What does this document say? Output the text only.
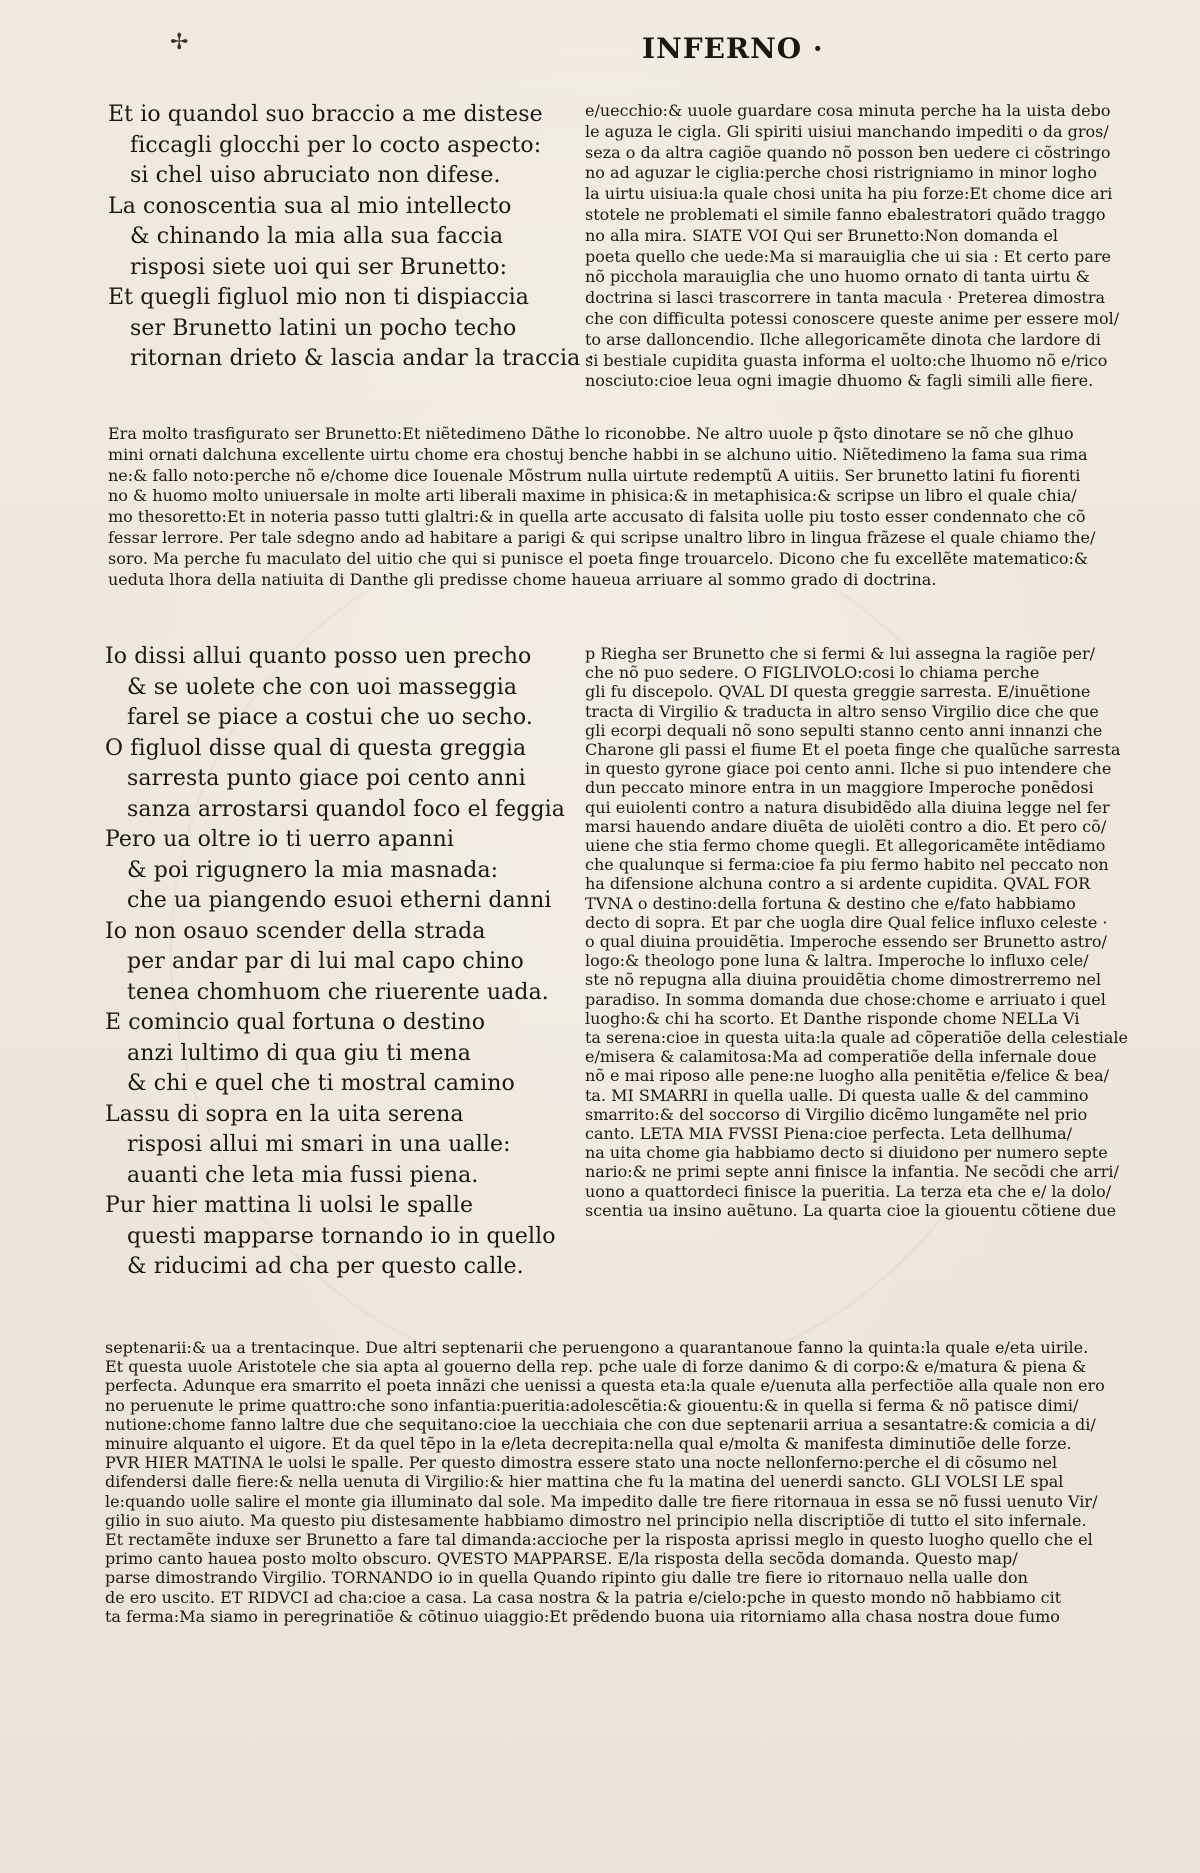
✢	INFERNO ·
Et io quandol suo braccio a me distese
ficcagli glocchi per lo cocto aspecto:
si chel uiso abruciato non difese.
La conoscentia sua al mio intellecto
& chinando la mia alla sua faccia
risposi siete uoi qui ser Brunetto:
Et quegli figluol mio non ti dispiaccia
ser Brunetto latini un pocho techo
ritornan drieto & lascia andar la traccia ·
e/uecchio:& uuole guardare cosa minuta perche ha la uista debo
le aguza le cigla. Gli spiriti uisiui manchando impediti o da gros/
seza o da altra cagiõe quando nõ posson ben uedere ci cõstringo
no ad aguzar le ciglia:perche chosi ristrigniamo in minor logho
la uirtu uisiua:la quale chosi unita ha piu forze:Et chome dice ari
stotele ne problemati el simile fanno ebalestratori quãdo traggo
no alla mira. SIATE VOI Qui ser Brunetto:Non domanda el
poeta quello che uede:Ma si marauiglia che ui sia : Et certo pare
nõ picchola marauiglia che uno huomo ornato di tanta uirtu &
doctrina si lasci trascorrere in tanta macula · Preterea dimostra
che con difficulta potessi conoscere queste anime per essere mol/
to arse dalloncendio. Ilche allegoricamẽte dinota che lardore di
si bestiale cupidita guasta informa el uolto:che lhuomo nõ e/rico
nosciuto:cioe leua ogni imagie dhuomo & fagli simili alle fiere.
Era molto trasfigurato ser Brunetto:Et niẽtedimeno Dãthe lo riconobbe. Ne altro uuole p q̃sto dinotare se nõ che glhuo
mini ornati dalchuna excellente uirtu chome era chostuj benche habbi in se alchuno uitio. Niẽtedimeno la fama sua rima
ne:& fallo noto:perche nõ e/chome dice Iouenale Mõstrum nulla uirtute redemptũ A uitiis. Ser brunetto latini fu fiorenti
no & huomo molto uniuersale in molte arti liberali maxime in phisica:& in metaphisica:& scripse un libro el quale chia/
mo thesoretto:Et in noteria passo tutti glaltri:& in quella arte accusato di falsita uolle piu tosto esser condennato che cõ
fessar lerrore. Per tale sdegno ando ad habitare a parigi & qui scripse unaltro libro in lingua frãzese el quale chiamo the/
soro. Ma perche fu maculato del uitio che qui si punisce el poeta finge trouarcelo. Dicono che fu excellẽte matematico:&
ueduta lhora della natiuita di Danthe gli predisse chome haueua arriuare al sommo grado di doctrina.
Io dissi allui quanto posso uen precho
& se uolete che con uoi masseggia
farel se piace a costui che uo secho.
O figluol disse qual di questa greggia
sarresta punto giace poi cento anni
sanza arrostarsi quandol foco el feggia
Pero ua oltre io ti uerro apanni
& poi rigugnero la mia masnada:
che ua piangendo esuoi etherni danni
Io non osauo scender della strada
per andar par di lui mal capo chino
tenea chomhuom che riuerente uada.
E comincio qual fortuna o destino
anzi lultimo di qua giu ti mena
& chi e quel che ti mostral camino
Lassu di sopra en la uita serena
risposi allui mi smari in una ualle:
auanti che leta mia fussi piena.
Pur hier mattina li uolsi le spalle
questi mapparse tornando io in quello
& riducimi ad cha per questo calle.
p Riegha ser Brunetto che si fermi & lui assegna la ragiõe per/
che nõ puo sedere. O FIGLIVOLO:cosi lo chiama perche
gli fu discepolo. QVAL DI questa greggie sarresta. E/inuẽtione
tracta di Virgilio & traducta in altro senso Virgilio dice che que
gli ecorpi dequali nõ sono sepulti stanno cento anni innanzi che
Charone gli passi el fiume Et el poeta finge che qualũche sarresta
in questo gyrone giace poi cento anni. Ilche si puo intendere che
dun peccato minore entra in un maggiore Imperoche ponẽdosi
qui euiolenti contro a natura disubidẽdo alla diuina legge nel fer
marsi hauendo andare diuẽta de uiolẽti contro a dio. Et pero cõ/
uiene che stia fermo chome quegli. Et allegoricamẽte intẽdiamo
che qualunque si ferma:cioe fa piu fermo habito nel peccato non
ha difensione alchuna contro a si ardente cupidita. QVAL FOR
TVNA o destino:della fortuna & destino che e/fato habbiamo
decto di sopra. Et par che uogla dire Qual felice influxo celeste ·
o qual diuina prouidẽtia. Imperoche essendo ser Brunetto astro/
logo:& theologo pone luna & laltra. Imperoche lo influxo cele/
ste nõ repugna alla diuina prouidẽtia chome dimostrerremo nel
paradiso. In somma domanda due chose:chome e arriuato i quel
luogho:& chi ha scorto. Et Danthe risponde chome NELLa Vi
ta serena:cioe in questa uita:la quale ad cõperatiõe della celestiale
e/misera & calamitosa:Ma ad comperatiõe della infernale doue
nõ e mai riposo alle pene:ne luogho alla penitẽtia e/felice & bea/
ta. MI SMARRI in quella ualle. Di questa ualle & del cammino
smarrito:& del soccorso di Virgilio dicẽmo lungamẽte nel prio
canto. LETA MIA FVSSI Piena:cioe perfecta. Leta dellhuma/
na uita chome gia habbiamo decto si diuidono per numero septe
nario:& ne primi septe anni finisce la infantia. Ne secõdi che arri/
uono a quattordeci finisce la pueritia. La terza eta che e/ la dolo/
scentia ua insino auẽtuno. La quarta cioe la giouentu cõtiene due
septenarii:& ua a trentacinque. Due altri septenarii che peruengono a quarantanoue fanno la quinta:la quale e/eta uirile.
Et questa uuole Aristotele che sia apta al gouerno della rep. pche uale di forze danimo & di corpo:& e/matura & piena &
perfecta. Adunque era smarrito el poeta innãzi che uenissi a questa eta:la quale e/uenuta alla perfectiõe alla quale non ero
no peruenute le prime quattro:che sono infantia:pueritia:adolescẽtia:& giouentu:& in quella si ferma & nõ patisce dimi/
nutione:chome fanno laltre due che sequitano:cioe la uecchiaia che con due septenarii arriua a sesantatre:& comicia a di/
minuire alquanto el uigore. Et da quel tẽpo in la e/leta decrepita:nella qual e/molta & manifesta diminutiõe delle forze.
PVR HIER MATINA le uolsi le spalle. Per questo dimostra essere stato una nocte nellonferno:perche el di cõsumo nel
difendersi dalle fiere:& nella uenuta di Virgilio:& hier mattina che fu la matina del uenerdi sancto. GLI VOLSI LE spal
le:quando uolle salire el monte gia illuminato dal sole. Ma impedito dalle tre fiere ritornaua in essa se nõ fussi uenuto Vir/
gilio in suo aiuto. Ma questo piu distesamente habbiamo dimostro nel principio nella discriptiõe di tutto el sito infernale.
Et rectamẽte induxe ser Brunetto a fare tal dimanda:accioche per la risposta aprissi meglo in questo luogho quello che el
primo canto hauea posto molto obscuro. QVESTO MAPPARSE. E/la risposta della secõda domanda. Questo map/
parse dimostrando Virgilio. TORNANDO io in quella Quando ripinto giu dalle tre fiere io ritornauo nella ualle don
de ero uscito. ET RIDVCI ad cha:cioe a casa. La casa nostra & la patria e/cielo:pche in questo mondo nõ habbiamo cit
ta ferma:Ma siamo in peregrinatiõe & cõtinuo uiaggio:Et prẽdendo buona uia ritorniamo alla chasa nostra doue fumo
